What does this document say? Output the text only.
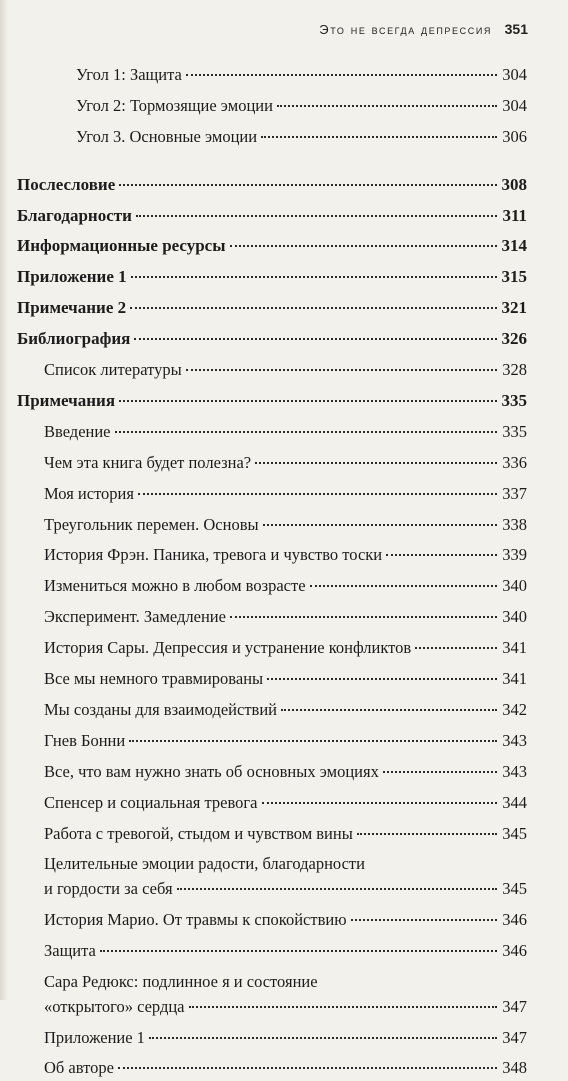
Это не всегда депрессия 351
Угол 1: Защита	304
Угол 2: Тормозящие эмоции	304
Угол 3. Основные эмоции	306
Послесловие	308
Благодарности	311
Информационные ресурсы	314
Приложение 1	315
Примечание 2	321
Библиография	326
Список литературы	328
Примечания	335
Введение	335
Чем эта книга будет полезна?	336
Моя история	337
Треугольник перемен. Основы	338
История Фрэн. Паника, тревога и чувство тоски	339
Измениться можно в любом возрасте	340
Эксперимент. Замедление	340
История Сары. Депрессия и устранение конфликтов	341
Все мы немного травмированы	341
Мы созданы для взаимодействий	342
Гнев Бонни	343
Все, что вам нужно знать об основных эмоциях	343
Спенсер и социальная тревога	344
Работа с тревогой, стыдом и чувством вины	345
Целительные эмоции радости, благодарности
и гордости за себя	345
История Марио. От травмы к спокойствию	346
Защита	346
Сара Редюкс: подлинное я и состояние
«открытого» сердца	347
Приложение 1	347
Об авторе	348
